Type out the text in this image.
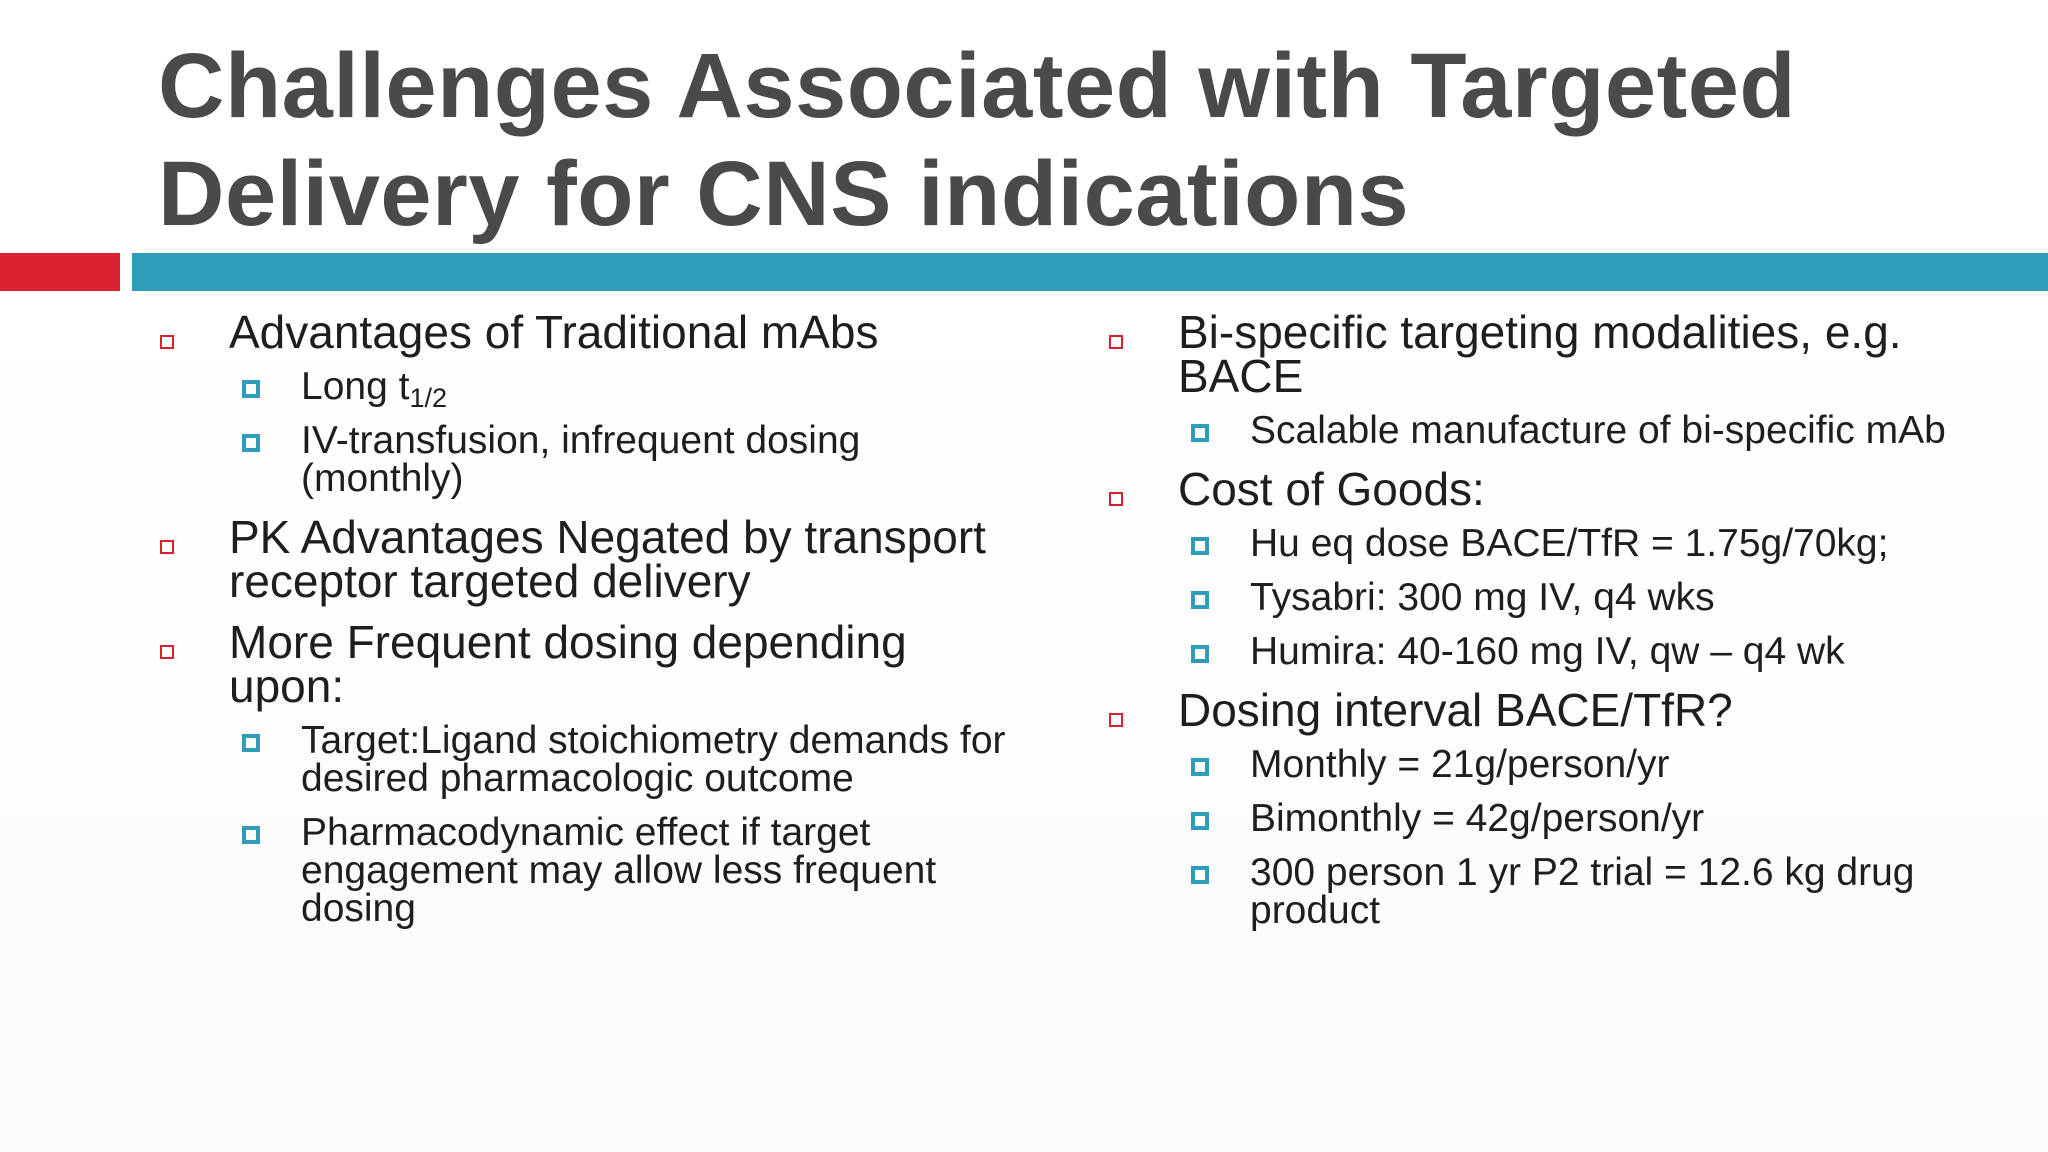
Challenges Associated with Targeted
Delivery for CNS indications
Advantages of Traditional mAbs
Long $t_{1/2}$
IV-transfusion, infrequent dosing (monthly)
PK Advantages Negated by transport receptor targeted delivery
More Frequent dosing depending upon:
Target:Ligand stoichiometry demands for desired pharmacologic outcome
Pharmacodynamic effect if target engagement may allow less frequent dosing
Bi-specific targeting modalities, e.g. BACE
Scalable manufacture of bi-specific mAb
Cost of Goods:
Hu eq dose BACE/TfR = 1.75g/70kg;
Tysabri: 300 mg IV, q4 wks
Humira: 40-160 mg IV, qw – q4 wk
Dosing interval BACE/TfR?
Monthly = 21g/person/yr
Bimonthly = 42g/person/yr
300 person 1 yr P2 trial = 12.6 kg drug product
